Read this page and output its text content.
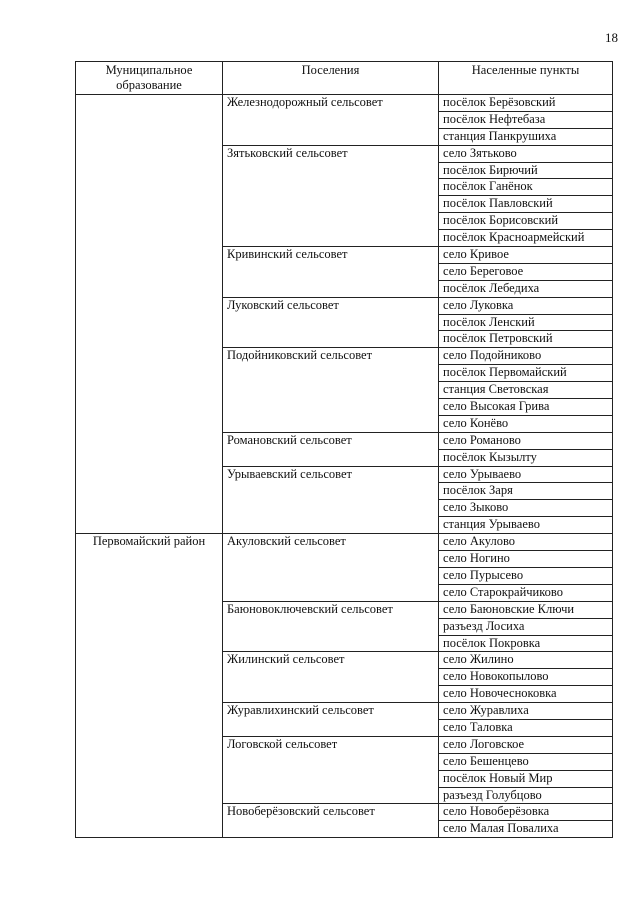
18
Муниципальное образование	Поселения	Населенные пункты
	Железнодорожный сельсовет	посёлок Берёзовский
		посёлок Нефтебаза
		станция Панкрушиха
	Зятьковский сельсовет	село Зятьково
		посёлок Бирючий
		посёлок Ганёнок
		посёлок Павловский
		посёлок Борисовский
		посёлок Красноармейский
	Кривинский сельсовет	село Кривое
		село Береговое
		посёлок Лебедиха
	Луковский сельсовет	село Луковка
		посёлок Ленский
		посёлок Петровский
	Подойниковский сельсовет	село Подойниково
		посёлок Первомайский
		станция Световская
		село Высокая Грива
		село Конёво
	Романовский сельсовет	село Романово
		посёлок Кызылту
	Урываевский сельсовет	село Урываево
		посёлок Заря
		село Зыково
		станция Урываево
Первомайский район	Акуловский сельсовет	село Акулово
		село Ногино
		село Пурысево
		село Старокрайчиково
	Баюновоключевский сельсовет	село Баюновские Ключи
		разъезд Лосиха
		посёлок Покровка
	Жилинский сельсовет	село Жилино
		село Новокопылово
		село Новочесноковка
	Журавлихинский сельсовет	село Журавлиха
		село Таловка
	Логовской сельсовет	село Логовское
		село Бешенцево
		посёлок Новый Мир
		разъезд Голубцово
	Новоберёзовский сельсовет	село Новоберёзовка
		село Малая Повалиха
